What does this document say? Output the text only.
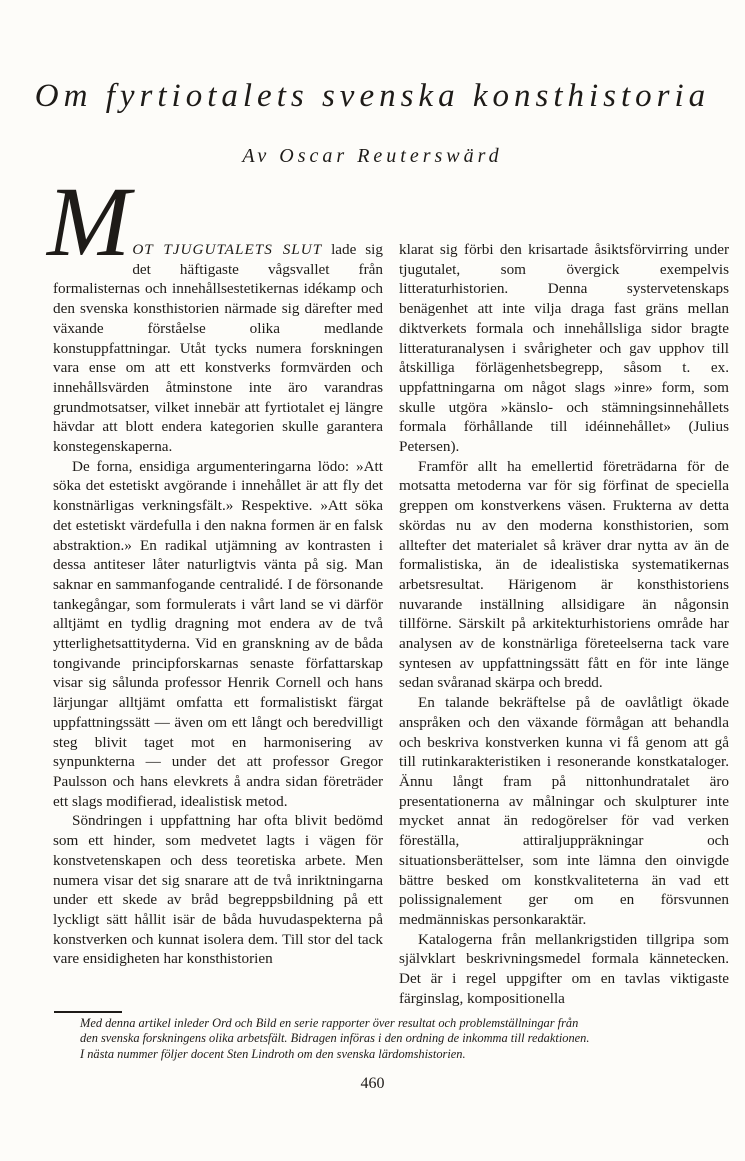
Om fyrtiotalets svenska konsthistoria
Av Oscar Reuterswärd

MOT TJUGUTALETS SLUT lade sig det häftigaste vågsvallet från formalisternas och innehållsestetikernas idékamp och den svenska konsthistorien närmade sig därefter med växande förståelse olika medlande konstuppfattningar. Utåt tycks numera forskningen vara ense om att ett konstverks formvärden och innehållsvärden åtminstone inte äro varandras grundmotsatser, vilket innebär att fyrtiotalet ej längre hävdar att blott endera kategorien skulle garantera konstegenskaperna.

De forna, ensidiga argumenteringarna lödo: »Att söka det estetiskt avgörande i innehållet är att fly det konstnärligas verkningsfält.» Respektive. »Att söka det estetiskt värdefulla i den nakna formen är en falsk abstraktion.» En radikal utjämning av kontrasten i dessa antiteser låter naturligtvis vänta på sig. Man saknar en sammanfogande centralidé. I de försonande tankegångar, som formulerats i vårt land se vi därför alltjämt en tydlig dragning mot endera av de två ytterlighetsattityderna. Vid en granskning av de båda tongivande principforskarnas senaste författarskap visar sig sålunda professor Henrik Cornell och hans lärjungar alltjämt omfatta ett formalistiskt färgat uppfattningssätt — även om ett långt och beredvilligt steg blivit taget mot en harmonisering av synpunkterna — under det att professor Gregor Paulsson och hans elevkrets å andra sidan företräder ett slags modifierad, idealistisk metod.

Söndringen i uppfattning har ofta blivit bedömd som ett hinder, som medvetet lagts i vägen för konstvetenskapen och dess teoretiska arbete. Men numera visar det sig snarare att de två inriktningarna under ett skede av bråd begreppsbildning på ett lyckligt sätt hållit isär de båda huvudaspekterna på konstverken och kunnat isolera dem. Till stor del tack vare ensidigheten har konsthistorien

klarat sig förbi den krisartade åsiktsförvirring under tjugutalet, som övergick exempelvis litteraturhistorien. Denna systervetenskaps benägenhet att inte vilja draga fast gräns mellan diktverkets formala och innehållsliga sidor bragte litteraturanalysen i svårigheter och gav upphov till åtskilliga förlägenhetsbegrepp, såsom t. ex. uppfattningarna om något slags »inre» form, som skulle utgöra »känslo- och stämningsinnehållets formala förhållande till idéinnehållet» (Julius Petersen).

Framför allt ha emellertid företrädarna för de motsatta metoderna var för sig förfinat de speciella greppen om konstverkens väsen. Frukterna av detta skördas nu av den moderna konsthistorien, som alltefter det materialet så kräver drar nytta av än de formalistiska, än de idealistiska systematikernas arbetsresultat. Härigenom är konsthistoriens nuvarande inställning allsidigare än någonsin tillförne. Särskilt på arkitekturhistoriens område har analysen av de konstnärliga företeelserna tack vare syntesen av uppfattningssätt fått en för inte länge sedan svåranad skärpa och bredd.

En talande bekräftelse på de oavlåtligt ökade anspråken och den växande förmågan att behandla och beskriva konstverken kunna vi få genom att gå till rutinkarakteristiken i resonerande konstkataloger. Ännu långt fram på nittonhundratalet äro presentationerna av målningar och skulpturer inte mycket annat än redogörelser för vad verken föreställa, attiraljuppräkningar och situationsberättelser, som inte lämna den oinvigde bättre besked om konstkvaliteterna än vad ett polissignalement ger om en försvunnen medmänniskas personkaraktär.

Katalogerna från mellankrigstiden tillgripa som självklart beskrivningsmedel formala kännetecken. Det är i regel uppgifter om en tavlas viktigaste färginslag, kompositionella

Med denna artikel inleder Ord och Bild en serie rapporter över resultat och problemställningar från
den svenska forskningens olika arbetsfält. Bidragen införas i den ordning de inkomma till redaktionen.
I nästa nummer följer docent Sten Lindroth om den svenska lärdomshistorien.
460
